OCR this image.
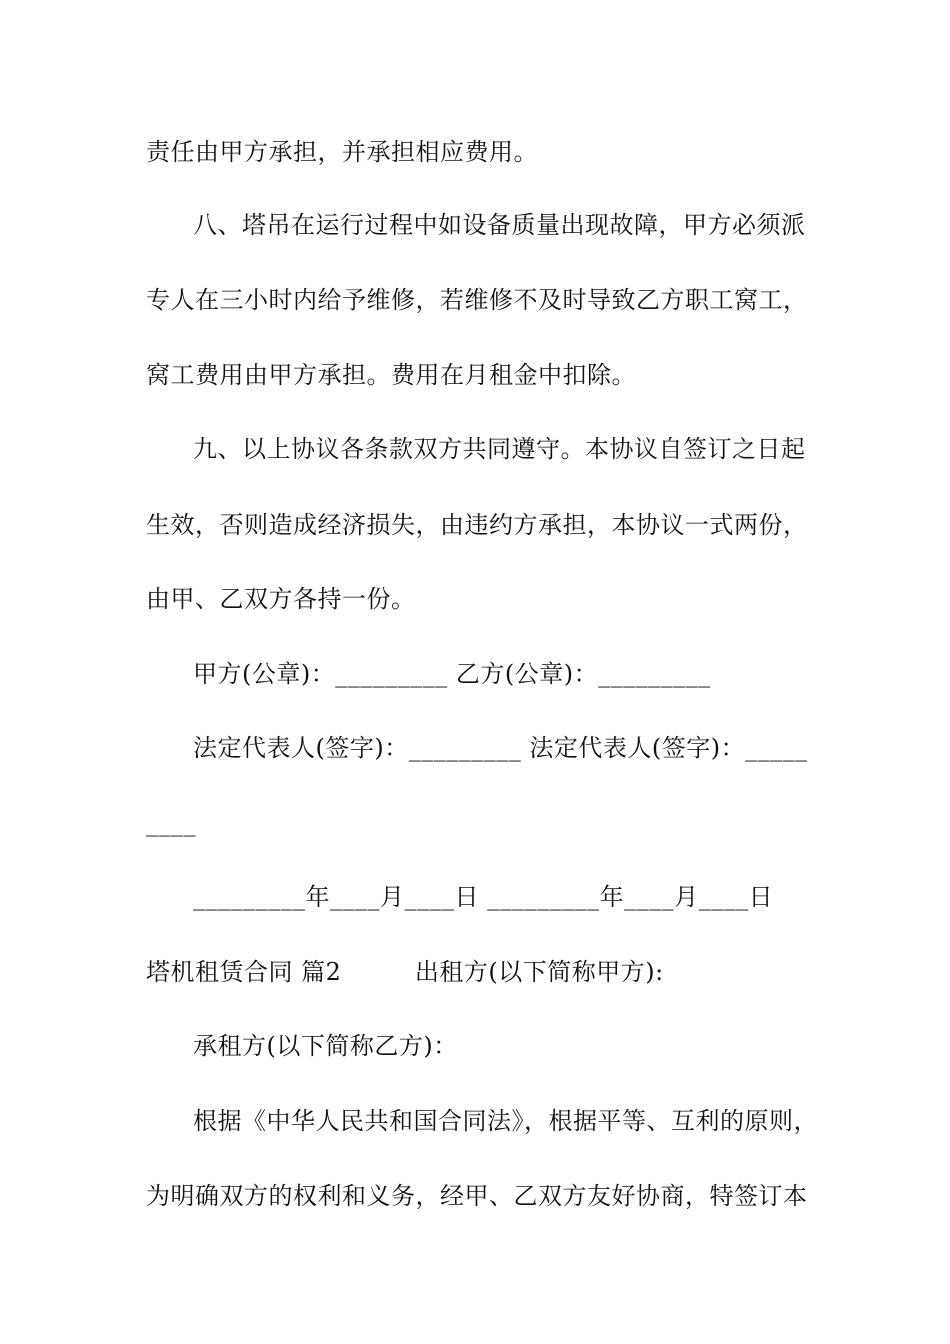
责任由甲方承担，并承担相应费用。
八、塔吊在运行过程中如设备质量出现故障，甲方必须派
专人在三小时内给予维修，若维修不及时导致乙方职工窝工，
窝工费用由甲方承担。费用在月租金中扣除。
九、以上协议各条款双方共同遵守。本协议自签订之日起
生效，否则造成经济损失，由违约方承担，本协议一式两份，
由甲、乙双方各持一份。
甲方(公章)：_________ 乙方(公章)：_________
法定代表人(签字)：_________ 法定代表人(签字)：_____
____
_________年____月____日 _________年____月____日
塔机租赁合同 篇2　　　出租方(以下简称甲方):
承租方(以下简称乙方)：
根据《中华人民共和国合同法》，根据平等、互利的原则，
为明确双方的权利和义务，经甲、乙双方友好协商，特签订本
